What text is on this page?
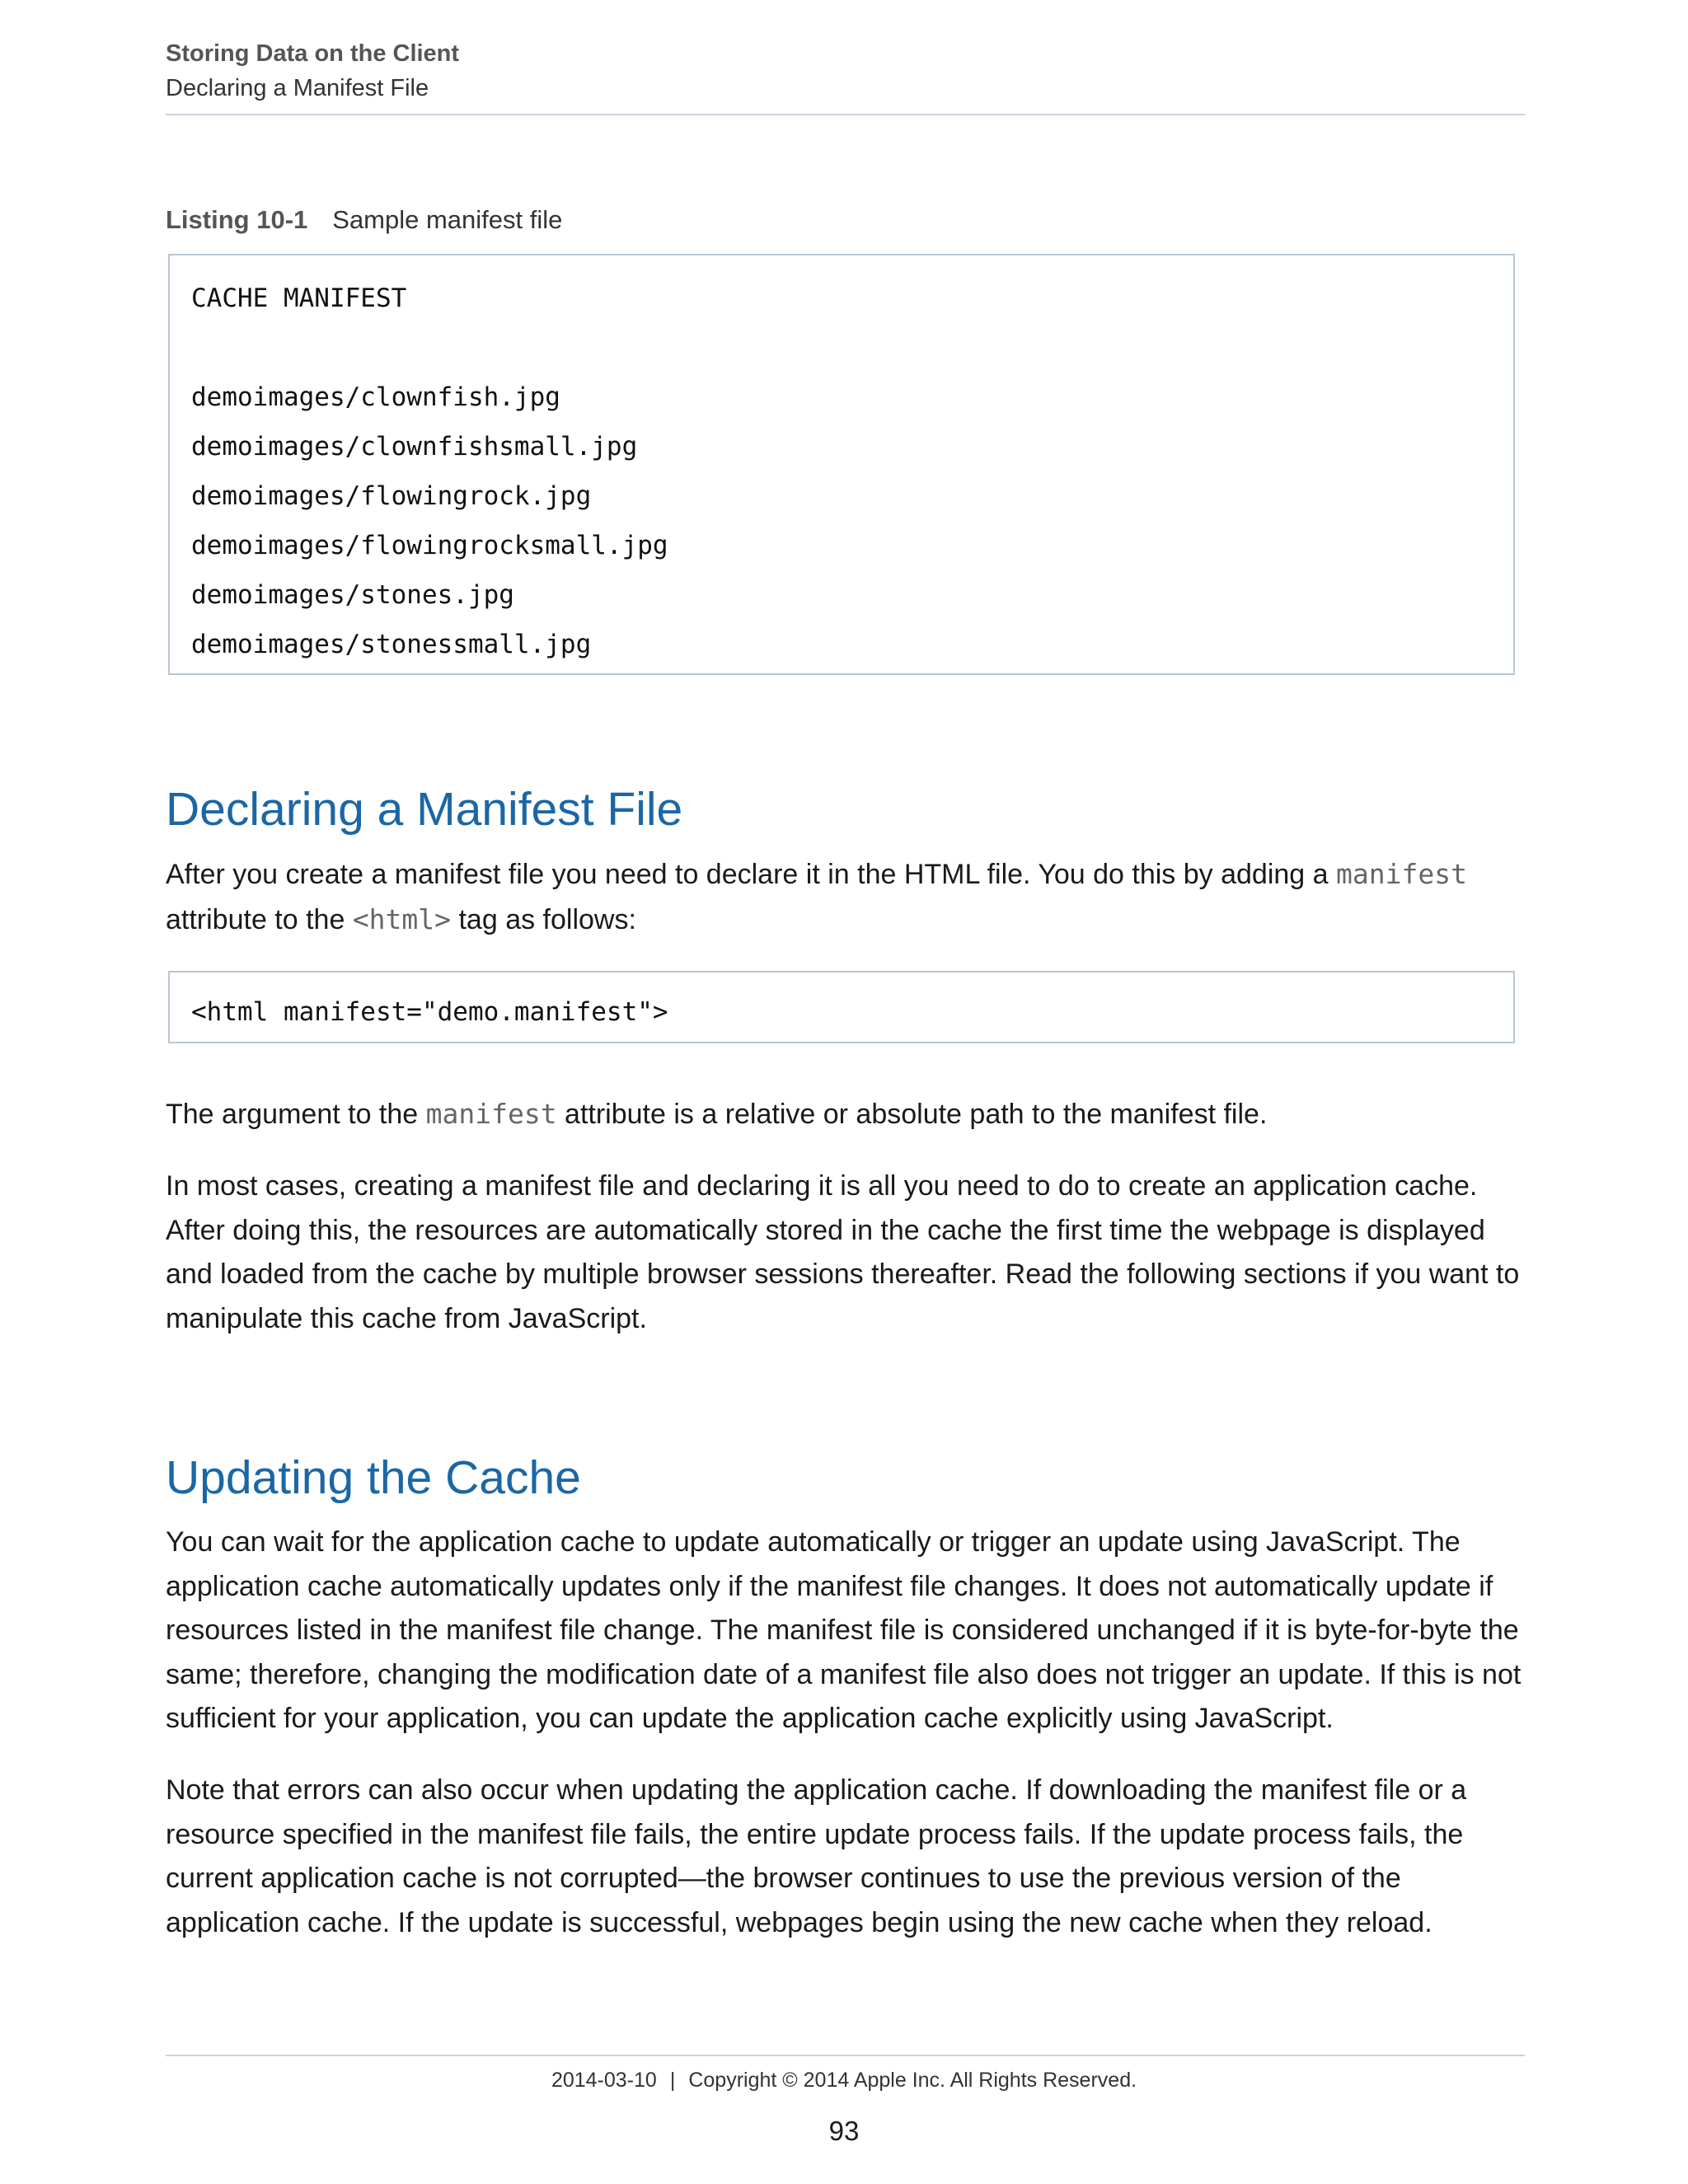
Storing Data on the Client
Declaring a Manifest File
Listing 10-1 Sample manifest file
CACHE MANIFEST
demoimages/clownfish.jpg
demoimages/clownfishsmall.jpg
demoimages/flowingrock.jpg
demoimages/flowingrocksmall.jpg
demoimages/stones.jpg
demoimages/stonessmall.jpg
Declaring a Manifest File

After you create a manifest file you need to declare it in the HTML file. You do this by adding a manifest attribute to the <html> tag as follows:

<html manifest="demo.manifest">

The argument to the manifest attribute is a relative or absolute path to the manifest file.

In most cases, creating a manifest file and declaring it is all you need to do to create an application cache. After doing this, the resources are automatically stored in the cache the first time the webpage is displayed and loaded from the cache by multiple browser sessions thereafter. Read the following sections if you want to manipulate this cache from JavaScript.

Updating the Cache

You can wait for the application cache to update automatically or trigger an update using JavaScript. The application cache automatically updates only if the manifest file changes. It does not automatically update if resources listed in the manifest file change. The manifest file is considered unchanged if it is byte-for-byte the same; therefore, changing the modification date of a manifest file also does not trigger an update. If this is not sufficient for your application, you can update the application cache explicitly using JavaScript.

Note that errors can also occur when updating the application cache. If downloading the manifest file or a resource specified in the manifest file fails, the entire update process fails. If the update process fails, the current application cache is not corrupted—the browser continues to use the previous version of the application cache. If the update is successful, webpages begin using the new cache when they reload.

2014-03-10 | Copyright © 2014 Apple Inc. All Rights Reserved.
93
